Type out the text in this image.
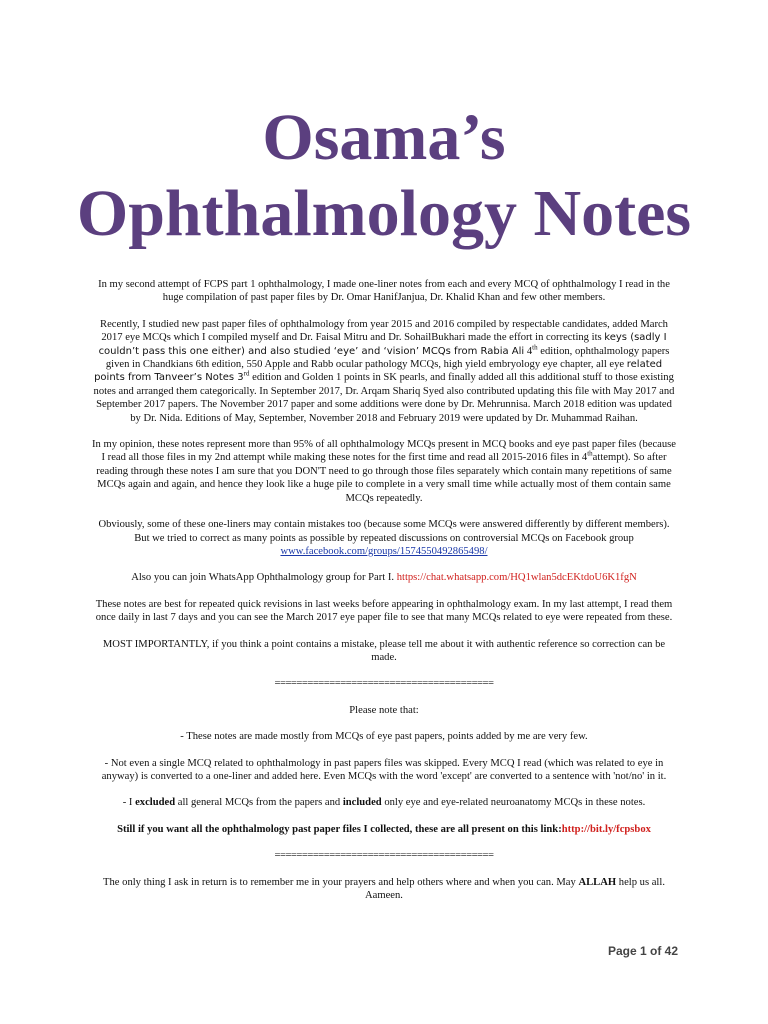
Osama’s
Ophthalmology Notes

In my second attempt of FCPS part 1 ophthalmology, I made one-liner notes from each and every MCQ of ophthalmology I read in the huge compilation of past paper files by Dr. Omar HanifJanjua, Dr. Khalid Khan and few other members.

Recently, I studied new past paper files of ophthalmology from year 2015 and 2016 compiled by respectable candidates, added March 2017 eye MCQs which I compiled myself and Dr. Faisal Mitru and Dr. SohailBukhari made the effort in correcting its keys (sadly I couldn’t pass this one either) and also studied ‘eye’ and ‘vision’ MCQs from Rabia Ali 4th edition, ophthalmology papers given in Chandkians 6th edition, 550 Apple and Rabb ocular pathology MCQs, high yield embryology eye chapter, all eye related points from Tanveer’s Notes 3rd edition and Golden 1 points in SK pearls, and finally added all this additional stuff to those existing notes and arranged them categorically. In September 2017, Dr. Arqam Shariq Syed also contributed updating this file with May 2017 and September 2017 papers. The November 2017 paper and some additions were done by Dr. Mehrunnisa. March 2018 edition was updated by Dr. Nida. Editions of May, September, November 2018 and February 2019 were updated by Dr. Muhammad Raihan.

In my opinion, these notes represent more than 95% of all ophthalmology MCQs present in MCQ books and eye past paper files (because I read all those files in my 2nd attempt while making these notes for the first time and read all 2015-2016 files in 4thattempt). So after reading through these notes I am sure that you DON'T need to go through those files separately which contain many repetitions of same MCQs again and again, and hence they look like a huge pile to complete in a very small time while actually most of them contain same MCQs repeatedly.

Obviously, some of these one-liners may contain mistakes too (because some MCQs were answered differently by different members). But we tried to correct as many points as possible by repeated discussions on controversial MCQs on Facebook group www.facebook.com/groups/1574550492865498/

Also you can join WhatsApp Ophthalmology group for Part I. https://chat.whatsapp.com/HQ1wlan5dcEKtdoU6K1fgN

These notes are best for repeated quick revisions in last weeks before appearing in ophthalmology exam. In my last attempt, I read them once daily in last 7 days and you can see the March 2017 eye paper file to see that many MCQs related to eye were repeated from these.

MOST IMPORTANTLY, if you think a point contains a mistake, please tell me about it with authentic reference so correction can be made.

========================================

Please note that:

- These notes are made mostly from MCQs of eye past papers, points added by me are very few.

- Not even a single MCQ related to ophthalmology in past papers files was skipped. Every MCQ I read (which was related to eye in anyway) is converted to a one-liner and added here. Even MCQs with the word 'except' are converted to a sentence with 'not/no' in it.

- I excluded all general MCQs from the papers and included only eye and eye-related neuroanatomy MCQs in these notes.

Still if you want all the ophthalmology past paper files I collected, these are all present on this link:http://bit.ly/fcpsbox

========================================

The only thing I ask in return is to remember me in your prayers and help others where and when you can. May ALLAH help us all. Aameen.

Page 1 of 42
